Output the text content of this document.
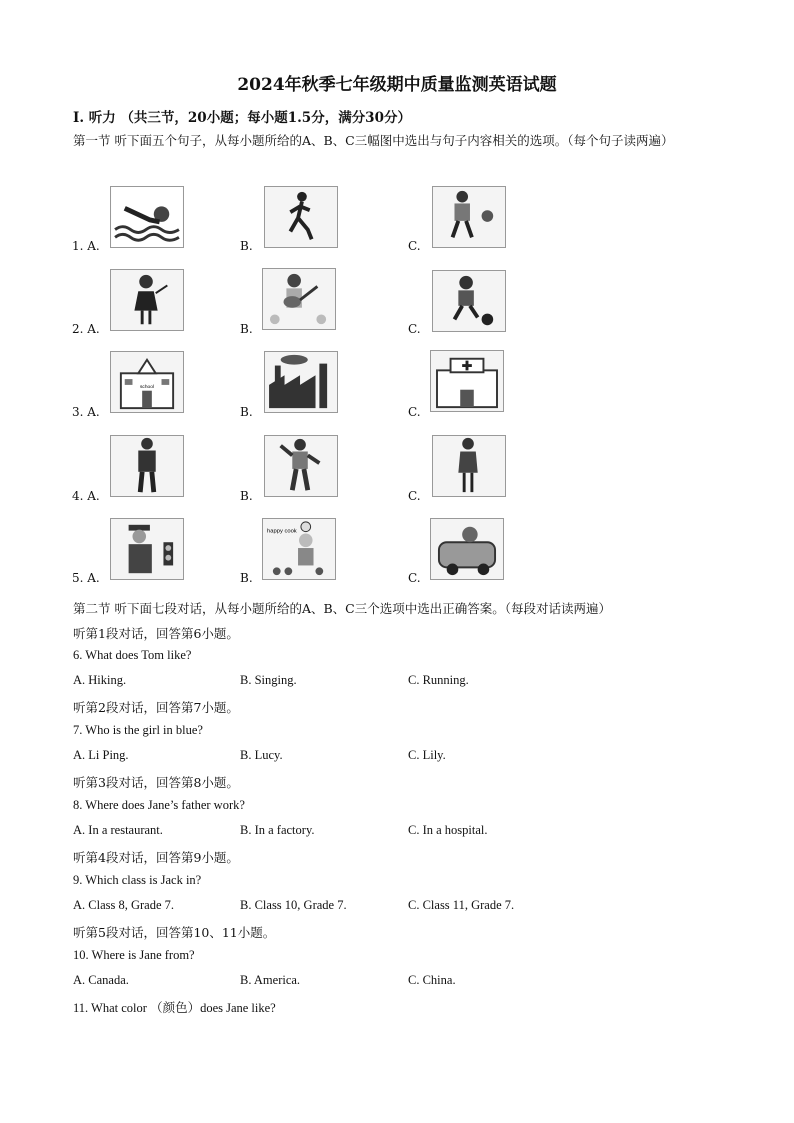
2024年秋季七年级期中质量监测英语试题
Ⅰ. 听力 （共三节，20小题；每小题1.5分，满分30分）
第一节 听下面五个句子，从每小题所给的A、B、C三幅图中选出与句子内容相关的选项。（每个句子读两遍）
1. A.	B.	C.
2. A.	B.	C.
3. A.
school
B.	C.
4. A.	B.	C.
5. A.	B.
happy cook
C.
第二节 听下面七段对话，从每小题所给的A、B、C三个选项中选出正确答案。（每段对话读两遍）
听第1段对话，回答第6小题。
6. What does Tom like?
A. Hiking.	B. Singing.	C. Running.
听第2段对话，回答第7小题。
7. Who is the girl in blue?
A. Li Ping.	B. Lucy.	C. Lily.
听第3段对话，回答第8小题。
8. Where does Jane’s father work?
A. In a restaurant.	B. In a factory.	C. In a hospital.
听第4段对话，回答第9小题。
9. Which class is Jack in?
A. Class 8, Grade 7.	B. Class 10, Grade 7.	C. Class 11, Grade 7.
听第5段对话，回答第10、11小题。
10. Where is Jane from?
A. Canada.	B. America.	C. China.
11. What color （颜色）does Jane like?
